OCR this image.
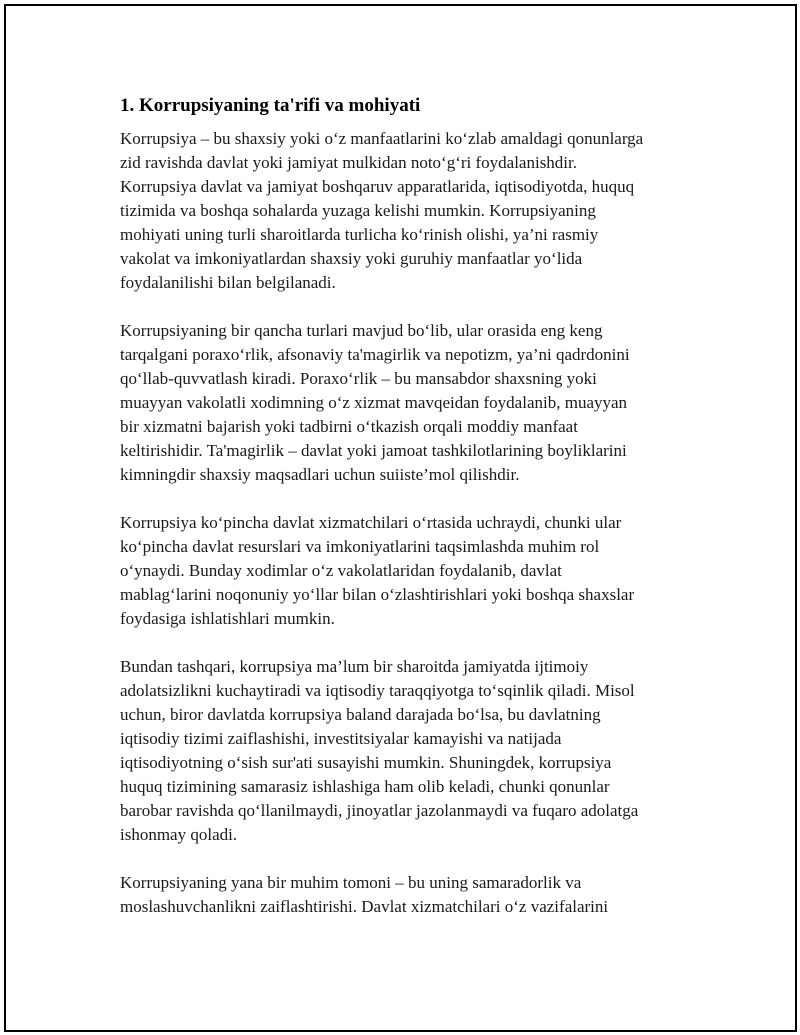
1. Korrupsiyaning ta'rifi va mohiyati

Korrupsiya – bu shaxsiy yoki o‘z manfaatlarini ko‘zlab amaldagi qonunlarga
zid ravishda davlat yoki jamiyat mulkidan noto‘g‘ri foydalanishdir.
Korrupsiya davlat va jamiyat boshqaruv apparatlarida, iqtisodiyotda, huquq
tizimida va boshqa sohalarda yuzaga kelishi mumkin. Korrupsiyaning
mohiyati uning turli sharoitlarda turlicha ko‘rinish olishi, ya’ni rasmiy
vakolat va imkoniyatlardan shaxsiy yoki guruhiy manfaatlar yo‘lida
foydalanilishi bilan belgilanadi.

Korrupsiyaning bir qancha turlari mavjud bo‘lib, ular orasida eng keng
tarqalgani poraxo‘rlik, afsonaviy ta'magirlik va nepotizm, ya’ni qadrdonini
qo‘llab-quvvatlash kiradi. Poraxo‘rlik – bu mansabdor shaxsning yoki
muayyan vakolatli xodimning o‘z xizmat mavqeidan foydalanib, muayyan
bir xizmatni bajarish yoki tadbirni o‘tkazish orqali moddiy manfaat
keltirishidir. Ta'magirlik – davlat yoki jamoat tashkilotlarining boyliklarini
kimningdir shaxsiy maqsadlari uchun suiiste’mol qilishdir.

Korrupsiya ko‘pincha davlat xizmatchilari o‘rtasida uchraydi, chunki ular
ko‘pincha davlat resurslari va imkoniyatlarini taqsimlashda muhim rol
o‘ynaydi. Bunday xodimlar o‘z vakolatlaridan foydalanib, davlat
mablag‘larini noqonuniy yo‘llar bilan o‘zlashtirishlari yoki boshqa shaxslar
foydasiga ishlatishlari mumkin.

Bundan tashqari, korrupsiya ma’lum bir sharoitda jamiyatda ijtimoiy
adolatsizlikni kuchaytiradi va iqtisodiy taraqqiyotga to‘sqinlik qiladi. Misol
uchun, biror davlatda korrupsiya baland darajada bo‘lsa, bu davlatning
iqtisodiy tizimi zaiflashishi, investitsiyalar kamayishi va natijada
iqtisodiyotning o‘sish sur'ati susayishi mumkin. Shuningdek, korrupsiya
huquq tizimining samarasiz ishlashiga ham olib keladi, chunki qonunlar
barobar ravishda qo‘llanilmaydi, jinoyatlar jazolanmaydi va fuqaro adolatga
ishonmay qoladi.

Korrupsiyaning yana bir muhim tomoni – bu uning samaradorlik va
moslashuvchanlikni zaiflashtirishi. Davlat xizmatchilari o‘z vazifalarini
